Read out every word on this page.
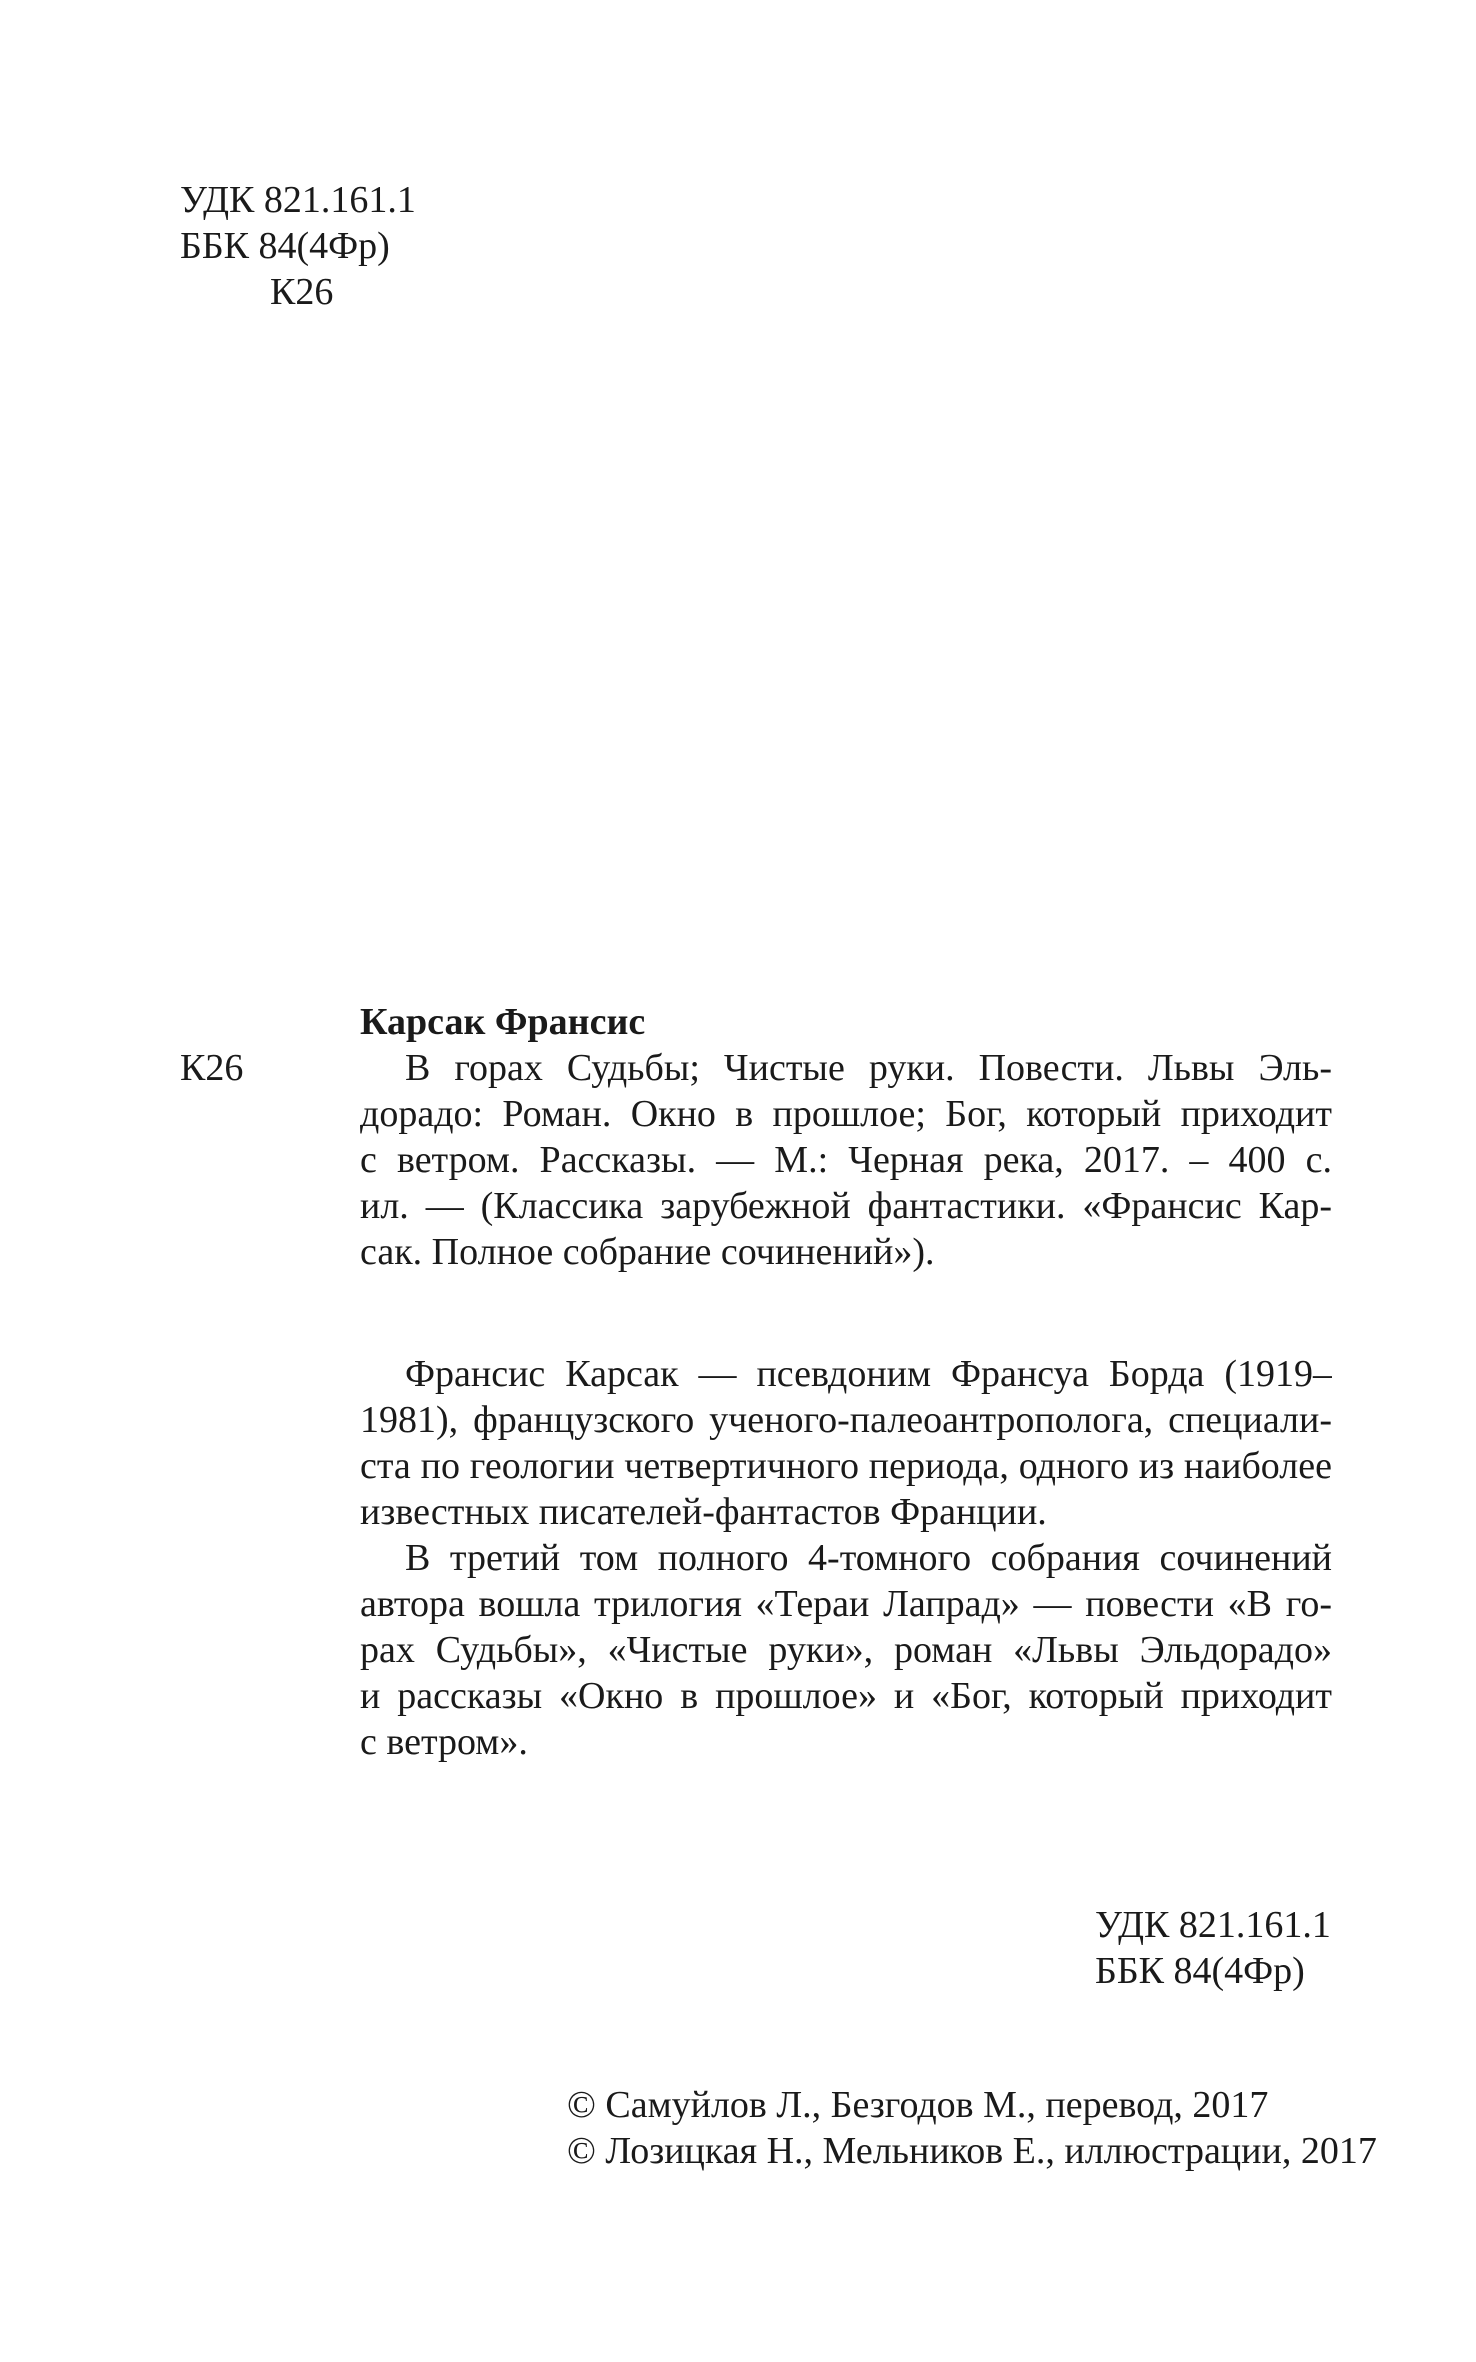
УДК 821.161.1
ББК 84(4Фр)
К26
Карсак Франсис
К26	В горах Судьбы; Чистые руки. Повести. Львы Эль-
дорадо: Роман. Окно в прошлое; Бог, который приходит
с ветром. Рассказы. — М.: Черная река, 2017. – 400 с.
ил. — (Классика зарубежной фантастики. «Франсис Кар-
сак. Полное собрание сочинений»).
Франсис Карсак — псевдоним Франсуа Борда (1919–
1981), французского ученого-палеоантрополога, специали-
ста по геологии четвертичного периода, одного из наиболее
известных писателей-фантастов Франции.
В третий том полного 4-томного собрания сочинений
автора вошла трилогия «Тераи Лапрад» — повести «В го-
рах Судьбы», «Чистые руки», роман «Львы Эльдорадо»
и рассказы «Окно в прошлое» и «Бог, который приходит
с ветром».
УДК 821.161.1
ББК 84(4Фр)
© Самуйлов Л., Безгодов М., перевод, 2017
© Лозицкая Н., Мельников Е., иллюстрации, 2017
